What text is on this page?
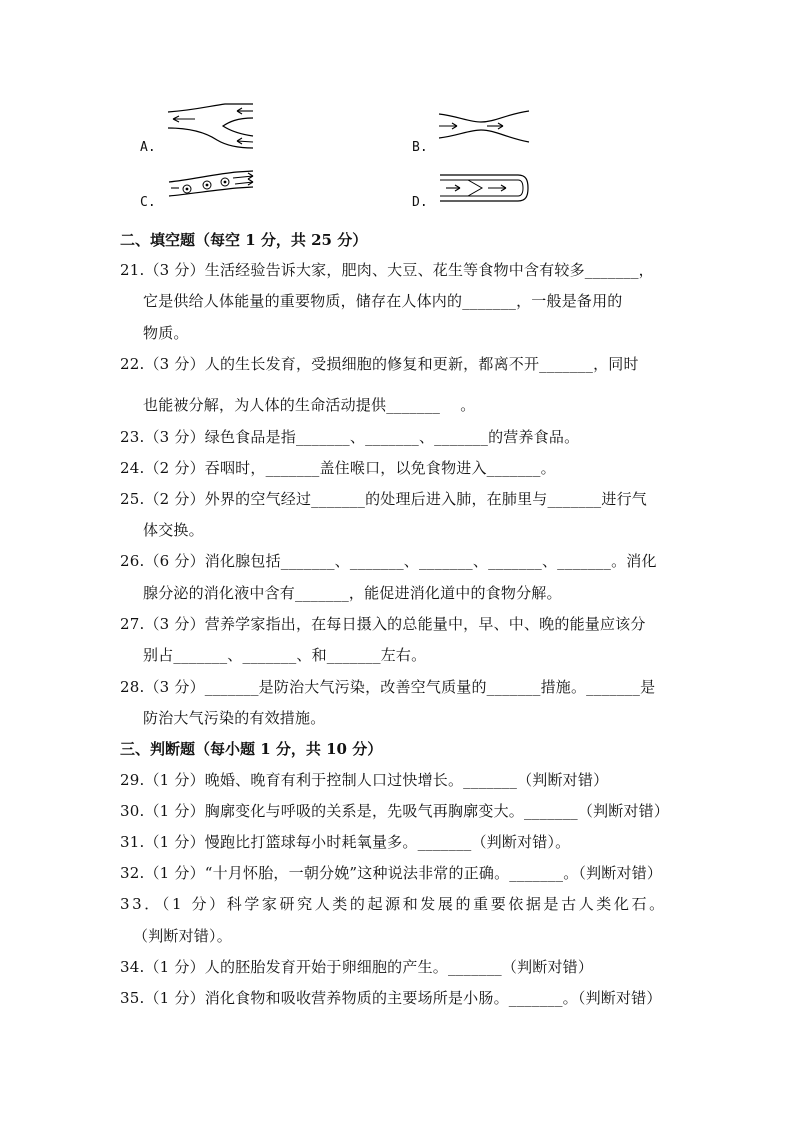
A.	B.
C.	D.
二、填空题（每空 1 分，共 25 分）
21.（3 分）生活经验告诉大家，肥肉、大豆、花生等食物中含有较多_______，
它是供给人体能量的重要物质，储存在人体内的_______，一般是备用的
物质。
22.（3 分）人的生长发育，受损细胞的修复和更新，都离不开_______，同时
也能被分解，为人体的生命活动提供_______　 。
23.（3 分）绿色食品是指_______、_______、_______的营养食品。
24.（2 分）吞咽时，_______盖住喉口，以免食物进入_______。
25.（2 分）外界的空气经过_______的处理后进入肺，在肺里与_______进行气
体交换。
26.（6 分）消化腺包括_______、_______、_______、_______、_______。消化
腺分泌的消化液中含有_______，能促进消化道中的食物分解。
27.（3 分）营养学家指出，在每日摄入的总能量中，早、中、晚的能量应该分
别占_______、_______、和_______左右。
28.（3 分）_______是防治大气污染，改善空气质量的_______措施。_______是
防治大气污染的有效措施。
三、判断题（每小题 1 分，共 10 分）
29.（1 分）晚婚、晚育有利于控制人口过快增长。_______（判断对错）
30.（1 分）胸廓变化与呼吸的关系是，先吸气再胸廓变大。_______（判断对错）
31.（1 分）慢跑比打篮球每小时耗氧量多。_______（判断对错）。
32.（1 分）“十月怀胎，一朝分娩”这种说法非常的正确。_______。（判断对错）
33．（1 分）科学家研究人类的起源和发展的重要依据是古人类化石。
（判断对错）。
34.（1 分）人的胚胎发育开始于卵细胞的产生。_______（判断对错）
35.（1 分）消化食物和吸收营养物质的主要场所是小肠。_______。（判断对错）
